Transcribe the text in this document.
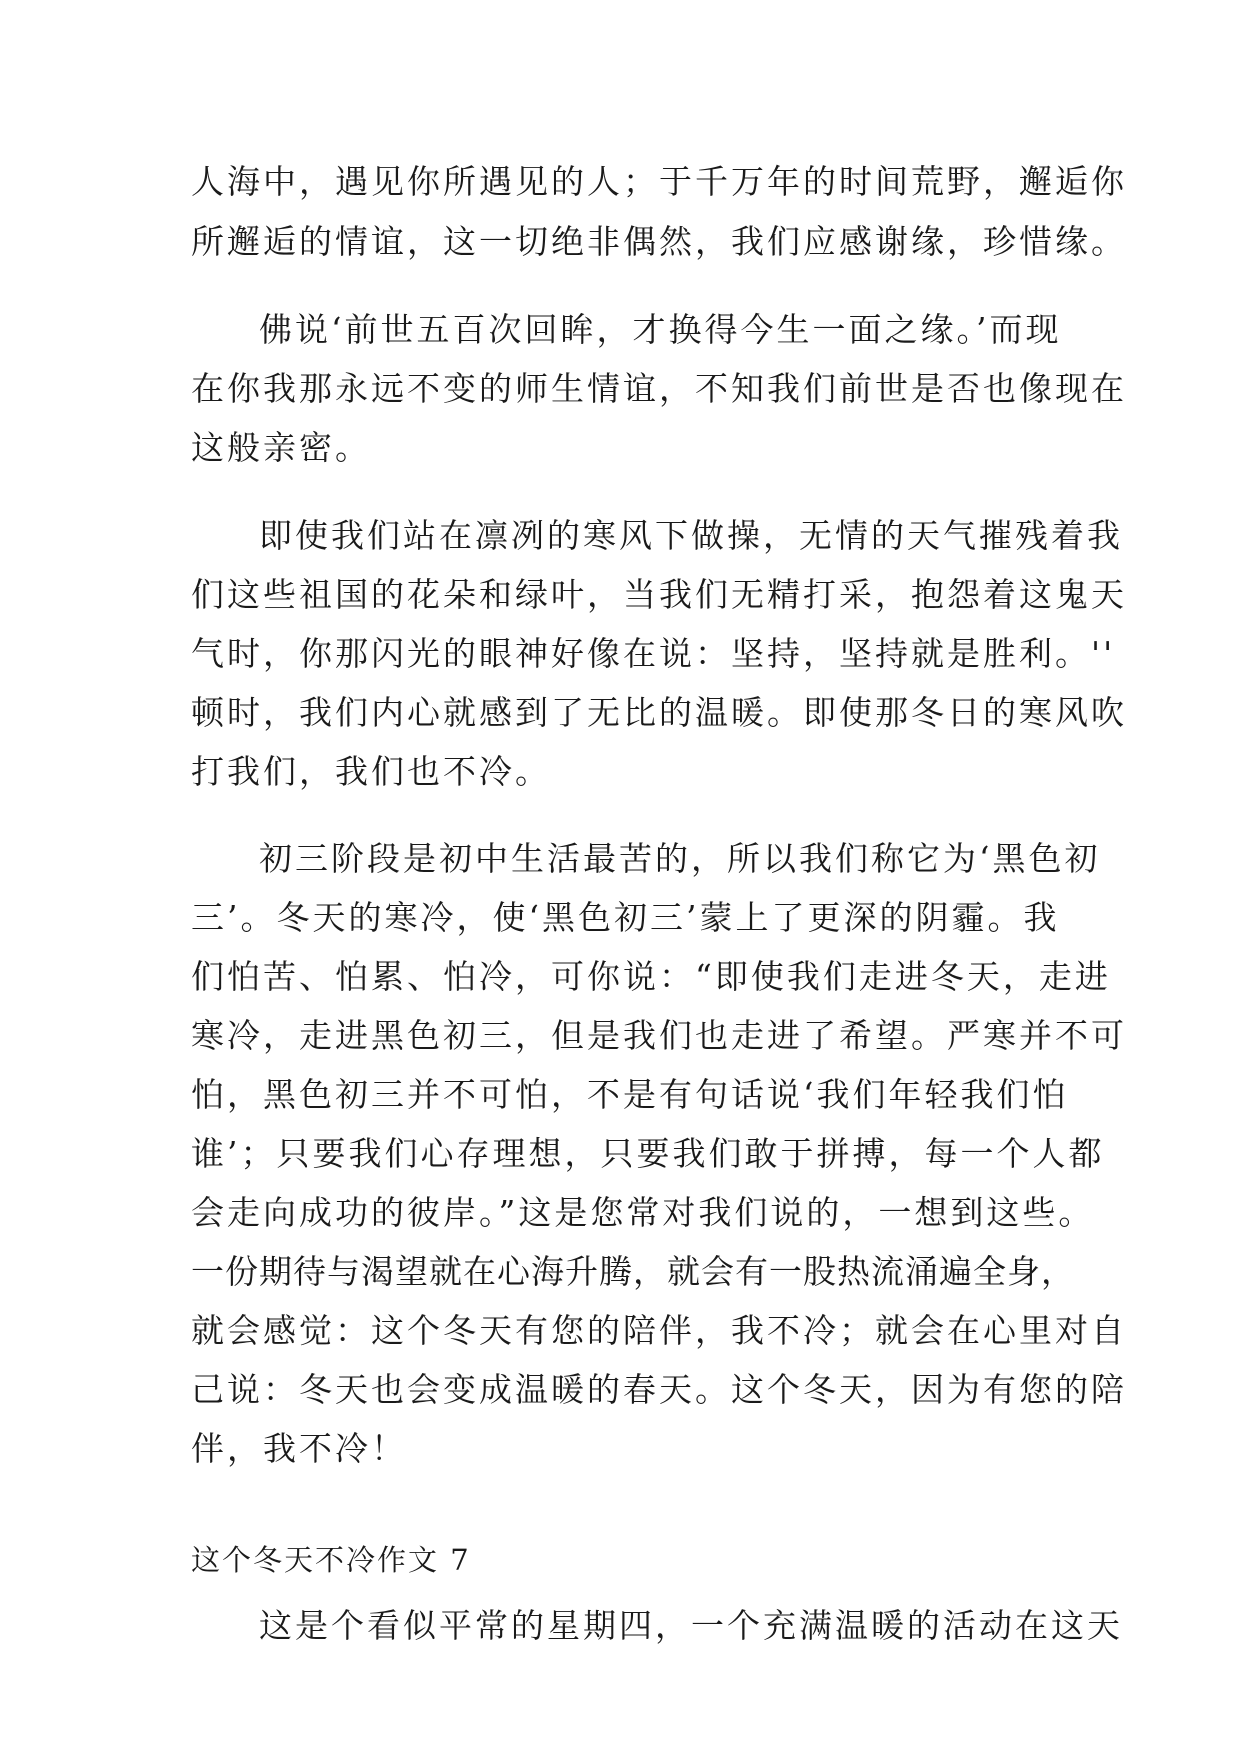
人海中，遇见你所遇见的人；于千万年的时间荒野，邂逅你
所邂逅的情谊，这一切绝非偶然，我们应感谢缘，珍惜缘。
佛说‘前世五百次回眸，才换得今生一面之缘。’而现
在你我那永远不变的师生情谊，不知我们前世是否也像现在
这般亲密。
即使我们站在凛冽的寒风下做操，无情的天气摧残着我
们这些祖国的花朵和绿叶，当我们无精打采，抱怨着这鬼天
气时，你那闪光的眼神好像在说：坚持，坚持就是胜利。''
顿时，我们内心就感到了无比的温暖。即使那冬日的寒风吹
打我们，我们也不冷。
初三阶段是初中生活最苦的，所以我们称它为‘黑色初
三’。冬天的寒冷，使‘黑色初三’蒙上了更深的阴霾。我
们怕苦、怕累、怕冷，可你说：“即使我们走进冬天，走进
寒冷，走进黑色初三，但是我们也走进了希望。严寒并不可
怕，黑色初三并不可怕，不是有句话说‘我们年轻我们怕
谁’；只要我们心存理想，只要我们敢于拼搏，每一个人都
会走向成功的彼岸。”这是您常对我们说的，一想到这些。
一份期待与渴望就在心海升腾，就会有一股热流涌遍全身，
就会感觉：这个冬天有您的陪伴，我不冷；就会在心里对自
己说：冬天也会变成温暖的春天。这个冬天，因为有您的陪
伴，我不冷！
这个冬天不冷作文 7
这是个看似平常的星期四，一个充满温暖的活动在这天
